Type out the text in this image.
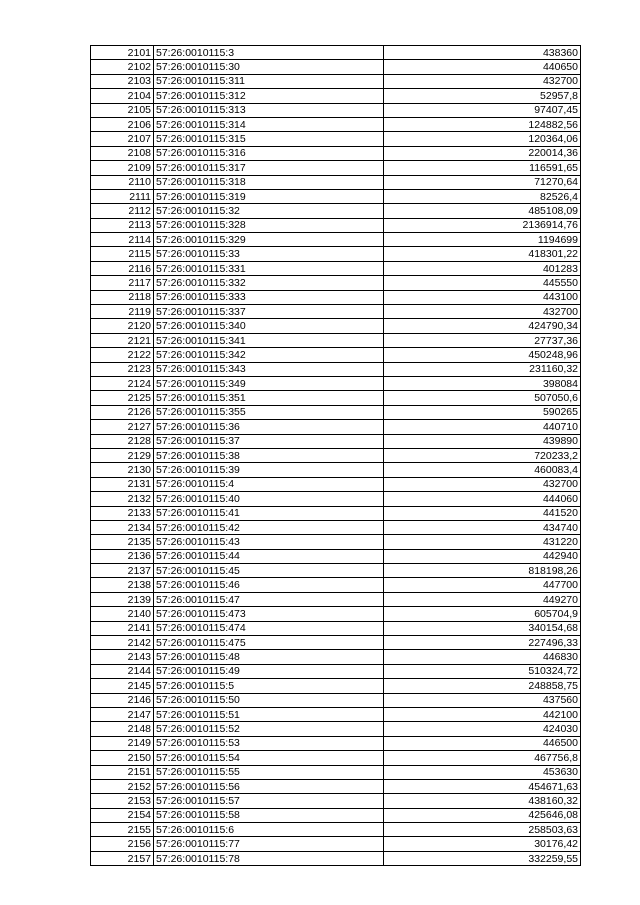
2101	57:26:0010115:3	438360
2102	57:26:0010115:30	440650
2103	57:26:0010115:311	432700
2104	57:26:0010115:312	52957,8
2105	57:26:0010115:313	97407,45
2106	57:26:0010115:314	124882,56
2107	57:26:0010115:315	120364,06
2108	57:26:0010115:316	220014,36
2109	57:26:0010115:317	116591,65
2110	57:26:0010115:318	71270,64
2111	57:26:0010115:319	82526,4
2112	57:26:0010115:32	485108,09
2113	57:26:0010115:328	2136914,76
2114	57:26:0010115:329	1194699
2115	57:26:0010115:33	418301,22
2116	57:26:0010115:331	401283
2117	57:26:0010115:332	445550
2118	57:26:0010115:333	443100
2119	57:26:0010115:337	432700
2120	57:26:0010115:340	424790,34
2121	57:26:0010115:341	27737,36
2122	57:26:0010115:342	450248,96
2123	57:26:0010115:343	231160,32
2124	57:26:0010115:349	398084
2125	57:26:0010115:351	507050,6
2126	57:26:0010115:355	590265
2127	57:26:0010115:36	440710
2128	57:26:0010115:37	439890
2129	57:26:0010115:38	720233,2
2130	57:26:0010115:39	460083,4
2131	57:26:0010115:4	432700
2132	57:26:0010115:40	444060
2133	57:26:0010115:41	441520
2134	57:26:0010115:42	434740
2135	57:26:0010115:43	431220
2136	57:26:0010115:44	442940
2137	57:26:0010115:45	818198,26
2138	57:26:0010115:46	447700
2139	57:26:0010115:47	449270
2140	57:26:0010115:473	605704,9
2141	57:26:0010115:474	340154,68
2142	57:26:0010115:475	227496,33
2143	57:26:0010115:48	446830
2144	57:26:0010115:49	510324,72
2145	57:26:0010115:5	248858,75
2146	57:26:0010115:50	437560
2147	57:26:0010115:51	442100
2148	57:26:0010115:52	424030
2149	57:26:0010115:53	446500
2150	57:26:0010115:54	467756,8
2151	57:26:0010115:55	453630
2152	57:26:0010115:56	454671,63
2153	57:26:0010115:57	438160,32
2154	57:26:0010115:58	425646,08
2155	57:26:0010115:6	258503,63
2156	57:26:0010115:77	30176,42
2157	57:26:0010115:78	332259,55
